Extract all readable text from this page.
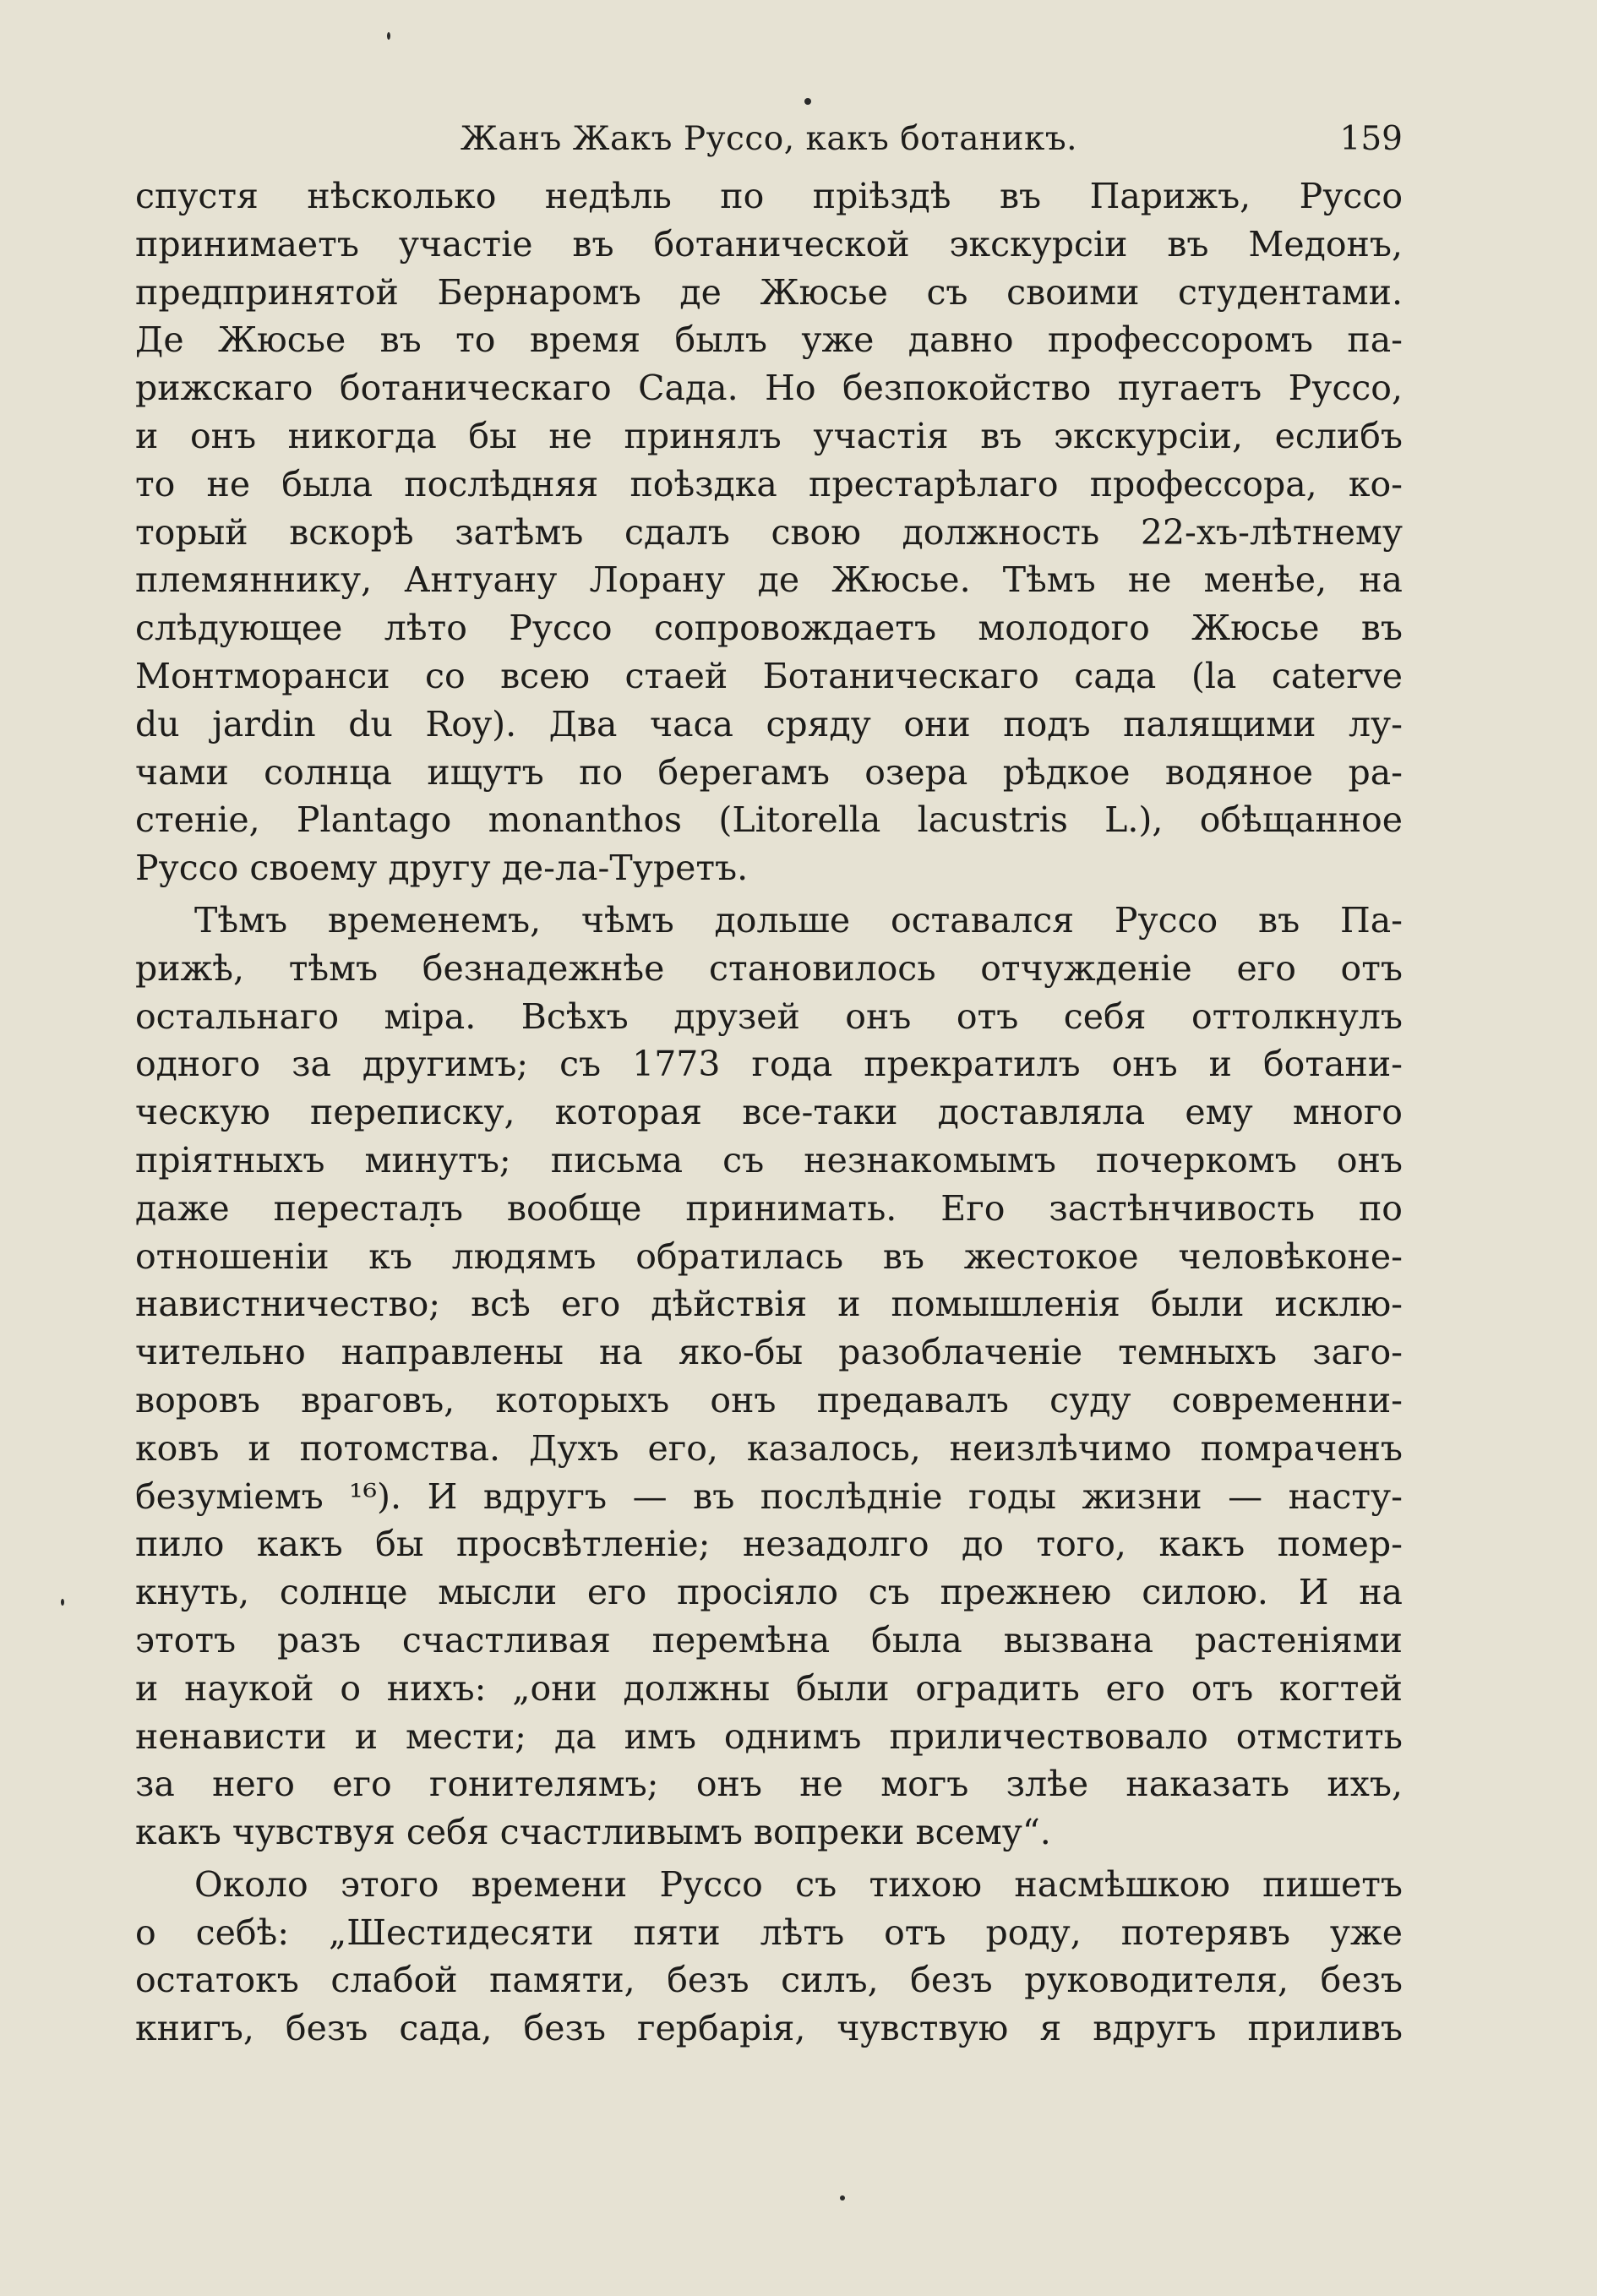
Жанъ Жакъ Руссо, какъ ботаникъ.	159
спустя нѣсколько недѣль по пріѣздѣ въ Парижъ, Руссо
принимаетъ участіе въ ботанической экскурсіи въ Медонъ,
предпринятой Бернаромъ де Жюсье съ своими студентами.
Де Жюсье въ то время былъ уже давно профессоромъ па-
рижскаго ботаническаго Сада. Но безпокойство пугаетъ Руссо,
и онъ никогда бы не принялъ участія въ экскурсіи, еслибъ
то не была послѣдняя поѣздка престарѣлаго профессора, ко-
торый вскорѣ затѣмъ сдалъ свою должность 22-хъ-лѣтнему
племяннику, Антуану Лорану де Жюсье. Тѣмъ не менѣе, на
слѣдующее лѣто Руссо сопровождаетъ молодого Жюсье въ
Монтморанси со всею стаей Ботаническаго сада (la caterve
du jardin du Roy). Два часа сряду они подъ палящими лу-
чами солнца ищутъ по берегамъ озера рѣдкое водяное ра-
стеніе, Plantago monanthos (Litorella lacustris L.), обѣщанное
Руссо своему другу де-ла-Туретъ.
Тѣмъ временемъ, чѣмъ дольше оставался Руссо въ Па-
рижѣ, тѣмъ безнадежнѣе становилось отчужденіе его отъ
остальнаго міра. Всѣхъ друзей онъ отъ себя оттолкнулъ
одного за другимъ; съ 1773 года прекратилъ онъ и ботани-
ческую переписку, которая все-таки доставляла ему много
пріятныхъ минутъ; письма съ незнакомымъ почеркомъ онъ
даже перестал̣ъ вообще принимать. Его застѣнчивость по
отношеніи къ людямъ обратилась въ жестокое человѣконе-
навистничество; всѣ его дѣйствія и помышленія были исклю-
чительно направлены на яко-бы разоблаченіе темныхъ заго-
воровъ враговъ, которыхъ онъ предавалъ суду современни-
ковъ и потомства. Духъ его, казалось, неизлѣчимо помраченъ
безуміемъ ¹⁶). И вдругъ — въ послѣдніе годы жизни — насту-
пило какъ бы просвѣтленіе; незадолго до того, какъ помер-
кнуть, солнце мысли его просіяло съ прежнею силою. И на
этотъ разъ счастливая перемѣна была вызвана растеніями
и наукой о нихъ: „они должны были оградить его отъ когтей
ненависти и мести; да имъ однимъ приличествовало отмстить
за него его гонителямъ; онъ не могъ злѣе наказать ихъ,
какъ чувствуя себя счастливымъ вопреки всему“.
Около этого времени Руссо съ тихою насмѣшкою пишетъ
о себѣ: „Шестидесяти пяти лѣтъ отъ роду, потерявъ уже
остатокъ слабой памяти, безъ силъ, безъ руководителя, безъ
книгъ, безъ сада, безъ гербарія, чувствую я вдругъ приливъ
